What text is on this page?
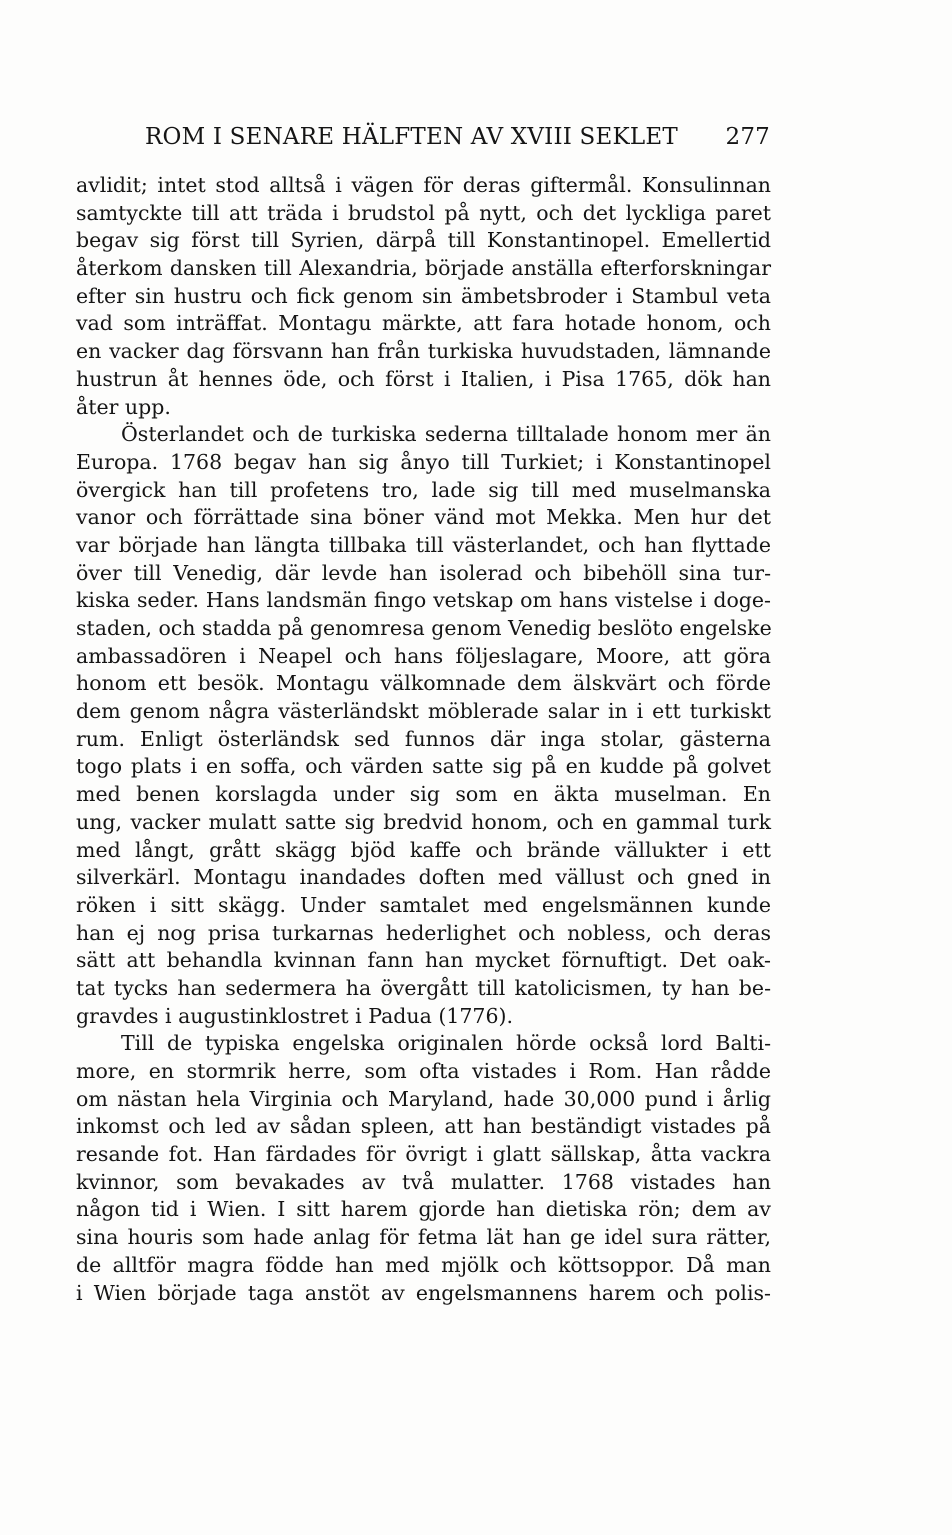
ROM I SENARE HÄLFTEN AV XVIII SEKLET 277
avlidit; intet stod alltså i vägen för deras giftermål. Konsulinnan
samtyckte till att träda i brudstol på nytt, och det lyckliga paret
begav sig först till Syrien, därpå till Konstantinopel. Emellertid
återkom dansken till Alexandria, började anställa efterforskningar
efter sin hustru och fick genom sin ämbetsbroder i Stambul veta
vad som inträffat. Montagu märkte, att fara hotade honom, och
en vacker dag försvann han från turkiska huvudstaden, lämnande
hustrun åt hennes öde, och först i Italien, i Pisa 1765, dök han
åter upp.
Österlandet och de turkiska sederna tilltalade honom mer än
Europa. 1768 begav han sig ånyo till Turkiet; i Konstantinopel
övergick han till profetens tro, lade sig till med muselmanska
vanor och förrättade sina böner vänd mot Mekka. Men hur det
var började han längta tillbaka till västerlandet, och han flyttade
över till Venedig, där levde han isolerad och bibehöll sina tur-
kiska seder. Hans landsmän fingo vetskap om hans vistelse i doge-
staden, och stadda på genomresa genom Venedig beslöto engelske
ambassadören i Neapel och hans följeslagare, Moore, att göra
honom ett besök. Montagu välkomnade dem älskvärt och förde
dem genom några västerländskt möblerade salar in i ett turkiskt
rum. Enligt österländsk sed funnos där inga stolar, gästerna
togo plats i en soffa, och värden satte sig på en kudde på golvet
med benen korslagda under sig som en äkta muselman. En
ung, vacker mulatt satte sig bredvid honom, och en gammal turk
med långt, grått skägg bjöd kaffe och brände vällukter i ett
silverkärl. Montagu inandades doften med vällust och gned in
röken i sitt skägg. Under samtalet med engelsmännen kunde
han ej nog prisa turkarnas hederlighet och nobless, och deras
sätt att behandla kvinnan fann han mycket förnuftigt. Det oak-
tat tycks han sedermera ha övergått till katolicismen, ty han be-
gravdes i augustinklostret i Padua (1776).
Till de typiska engelska originalen hörde också lord Balti-
more, en stormrik herre, som ofta vistades i Rom. Han rådde
om nästan hela Virginia och Maryland, hade 30,000 pund i årlig
inkomst och led av sådan spleen, att han beständigt vistades på
resande fot. Han färdades för övrigt i glatt sällskap, åtta vackra
kvinnor, som bevakades av två mulatter. 1768 vistades han
någon tid i Wien. I sitt harem gjorde han dietiska rön; dem av
sina houris som hade anlag för fetma lät han ge idel sura rätter,
de alltför magra födde han med mjölk och köttsoppor. Då man
i Wien började taga anstöt av engelsmannens harem och polis-
